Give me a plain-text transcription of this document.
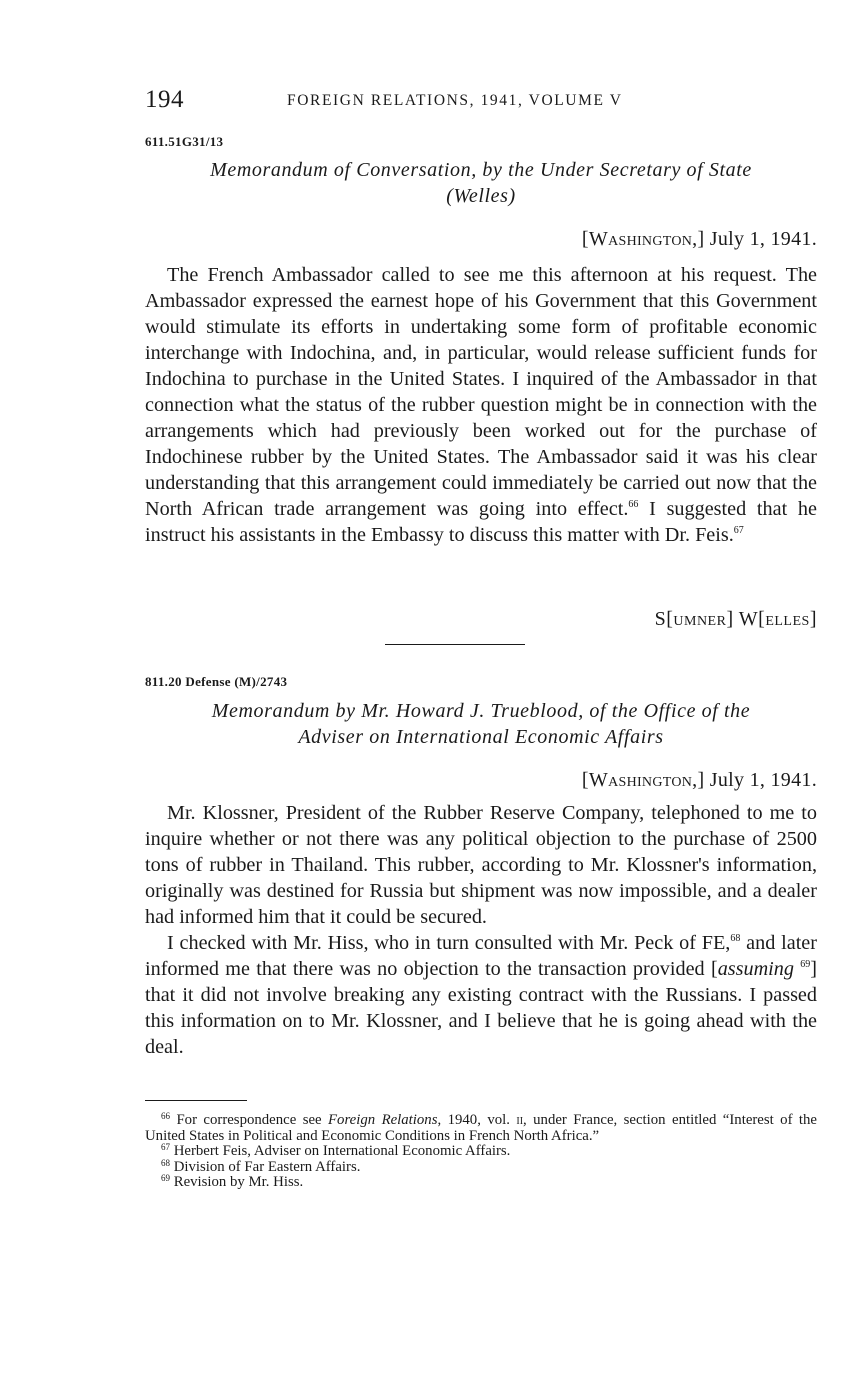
194	FOREIGN RELATIONS, 1941, VOLUME V
611.51G31/13
Memorandum of Conversation, by the Under Secretary of State
(Welles)
[Washington,] July 1, 1941.

The French Ambassador called to see me this afternoon at his request. The Ambassador expressed the earnest hope of his Government that this Government would stimulate its efforts in undertaking some form of profitable economic interchange with Indochina, and, in particular, would release sufficient funds for Indochina to purchase in the United States. I inquired of the Ambassador in that connection what the status of the rubber question might be in connection with the arrangements which had previously been worked out for the purchase of Indochinese rubber by the United States. The Ambassador said it was his clear understanding that this arrangement could immediately be carried out now that the North African trade arrangement was going into effect.$^{66}$ I suggested that he instruct his assistants in the Embassy to discuss this matter with Dr. Feis.$^{67}$

S[umner] W[elles]
811.20 Defense (M)/2743
Memorandum by Mr. Howard J. Trueblood, of the Office of the
Adviser on International Economic Affairs
[Washington,] July 1, 1941.

Mr. Klossner, President of the Rubber Reserve Company, telephoned to me to inquire whether or not there was any political objection to the purchase of 2500 tons of rubber in Thailand. This rubber, according to Mr. Klossner's information, originally was destined for Russia but shipment was now impossible, and a dealer had informed him that it could be secured.

I checked with Mr. Hiss, who in turn consulted with Mr. Peck of FE,$^{68}$ and later informed me that there was no objection to the transaction provided [assuming $^{69}$] that it did not involve breaking any existing contract with the Russians. I passed this information on to Mr. Klossner, and I believe that he is going ahead with the deal.

$^{66}$ For correspondence see Foreign Relations, 1940, vol. ii, under France, section entitled “Interest of the United States in Political and Economic Conditions in French North Africa.”

$^{67}$ Herbert Feis, Adviser on International Economic Affairs.

$^{68}$ Division of Far Eastern Affairs.

$^{69}$ Revision by Mr. Hiss.
